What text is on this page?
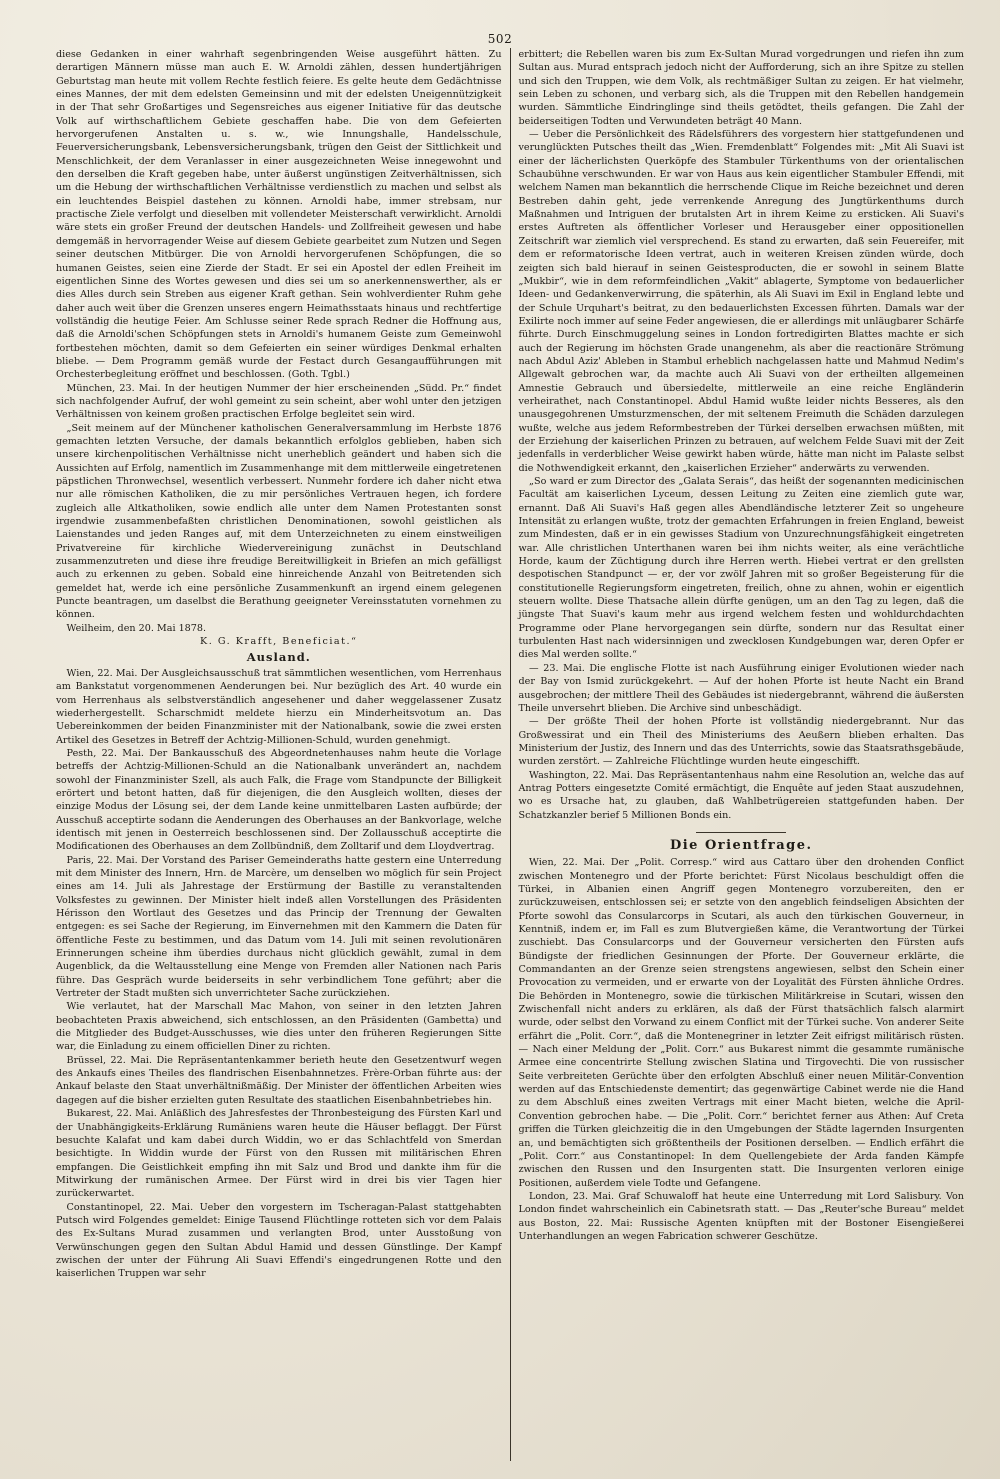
502

diese Gedanken in einer wahrhaft segenbringenden Weise ausgeführt hätten. Zu derartigen Männern müsse man auch E. W. Arnoldi zählen, dessen hundertjährigen Geburtstag man heute mit vollem Rechte festlich feiere. Es gelte heute dem Gedächtnisse eines Mannes, der mit dem edelsten Gemeinsinn und mit der edelsten Uneigennützigkeit in der That sehr Großartiges und Segensreiches aus eigener Initiative für das deutsche Volk auf wirthschaftlichem Gebiete geschaffen habe. Die von dem Gefeierten hervorgerufenen Anstalten u. s. w., wie Innungshalle, Handelsschule, Feuerversicherungsbank, Lebensversicherungsbank, trügen den Geist der Sittlichkeit und Menschlichkeit, der dem Veranlasser in einer ausgezeichneten Weise innegewohnt und den derselben die Kraft gegeben habe, unter äußerst ungünstigen Zeitverhältnissen, sich um die Hebung der wirthschaftlichen Verhältnisse verdienstlich zu machen und selbst als ein leuchtendes Beispiel dastehen zu können. Arnoldi habe, immer strebsam, nur practische Ziele verfolgt und dieselben mit vollendeter Meisterschaft verwirklicht. Arnoldi wäre stets ein großer Freund der deutschen Handels- und Zollfreiheit gewesen und habe demgemäß in hervorragender Weise auf diesem Gebiete gearbeitet zum Nutzen und Segen seiner deutschen Mitbürger. Die von Arnoldi hervorgerufenen Schöpfungen, die so humanen Geistes, seien eine Zierde der Stadt. Er sei ein Apostel der edlen Freiheit im eigentlichen Sinne des Wortes gewesen und dies sei um so anerkennenswerther, als er dies Alles durch sein Streben aus eigener Kraft gethan. Sein wohlverdienter Ruhm gehe daher auch weit über die Grenzen unseres engern Heimathsstaats hinaus und rechtfertige vollständig die heutige Feier. Am Schlusse seiner Rede sprach Redner die Hoffnung aus, daß die Arnoldi'schen Schöpfungen stets in Arnoldi's humanem Geiste zum Gemeinwohl fortbestehen möchten, damit so dem Gefeierten ein seiner würdiges Denkmal erhalten bliebe. — Dem Programm gemäß wurde der Festact durch Gesangaufführungen mit Orchesterbegleitung eröffnet und beschlossen. (Goth. Tgbl.)

München, 23. Mai. In der heutigen Nummer der hier erscheinenden „Südd. Pr.“ findet sich nachfolgender Aufruf, der wohl gemeint zu sein scheint, aber wohl unter den jetzigen Verhältnissen von keinem großen practischen Erfolge begleitet sein wird.

„Seit meinem auf der Münchener katholischen Generalversammlung im Herbste 1876 gemachten letzten Versuche, der damals bekanntlich erfolglos geblieben, haben sich unsere kirchenpolitischen Verhältnisse nicht unerheblich geändert und haben sich die Aussichten auf Erfolg, namentlich im Zusammenhange mit dem mittlerweile eingetretenen päpstlichen Thronwechsel, wesentlich verbessert. Nunmehr fordere ich daher nicht etwa nur alle römischen Katholiken, die zu mir persönliches Vertrauen hegen, ich fordere zugleich alle Altkatholiken, sowie endlich alle unter dem Namen Protestanten sonst irgendwie zusammenbefaßten christlichen Denominationen, sowohl geistlichen als Laienstandes und jeden Ranges auf, mit dem Unterzeichneten zu einem einstweiligen Privatvereine für kirchliche Wiedervereinigung zunächst in Deutschland zusammenzutreten und diese ihre freudige Bereitwilligkeit in Briefen an mich gefälligst auch zu erkennen zu geben. Sobald eine hinreichende Anzahl von Beitretenden sich gemeldet hat, werde ich eine persönliche Zusammenkunft an irgend einem gelegenen Puncte beantragen, um daselbst die Berathung geeigneter Vereinsstatuten vornehmen zu können.

Weilheim, den 20. Mai 1878.

K. G. Krafft, Beneficiat.“
Ausland.

Wien, 22. Mai. Der Ausgleichsausschuß trat sämmtlichen wesentlichen, vom Herrenhaus am Bankstatut vorgenommenen Aenderungen bei. Nur bezüglich des Art. 40 wurde ein vom Herrenhaus als selbstverständlich angesehener und daher weggelassener Zusatz wiederhergestellt. Scharschmidt meldete hierzu ein Minderheitsvotum an. Das Uebereinkommen der beiden Finanzminister mit der Nationalbank, sowie die zwei ersten Artikel des Gesetzes in Betreff der Achtzig-Millionen-Schuld, wurden genehmigt.

Pesth, 22. Mai. Der Bankausschuß des Abgeordnetenhauses nahm heute die Vorlage betreffs der Achtzig-Millionen-Schuld an die Nationalbank unverändert an, nachdem sowohl der Finanzminister Szell, als auch Falk, die Frage vom Standpuncte der Billigkeit erörtert und betont hatten, daß für diejenigen, die den Ausgleich wollten, dieses der einzige Modus der Lösung sei, der dem Lande keine unmittelbaren Lasten aufbürde; der Ausschuß acceptirte sodann die Aenderungen des Oberhauses an der Bankvorlage, welche identisch mit jenen in Oesterreich beschlossenen sind. Der Zollausschuß acceptirte die Modificationen des Oberhauses an dem Zollbündniß, dem Zolltarif und dem Lloydvertrag.

Paris, 22. Mai. Der Vorstand des Pariser Gemeinderaths hatte gestern eine Unterredung mit dem Minister des Innern, Hrn. de Marcère, um denselben wo möglich für sein Project eines am 14. Juli als Jahrestage der Erstürmung der Bastille zu veranstaltenden Volksfestes zu gewinnen. Der Minister hielt indeß allen Vorstellungen des Präsidenten Hérisson den Wortlaut des Gesetzes und das Princip der Trennung der Gewalten entgegen: es sei Sache der Regierung, im Einvernehmen mit den Kammern die Daten für öffentliche Feste zu bestimmen, und das Datum vom 14. Juli mit seinen revolutionären Erinnerungen scheine ihm überdies durchaus nicht glücklich gewählt, zumal in dem Augenblick, da die Weltausstellung eine Menge von Fremden aller Nationen nach Paris führe. Das Gespräch wurde beiderseits in sehr verbindlichem Tone geführt; aber die Vertreter der Stadt mußten sich unverrichteter Sache zurückziehen.

Wie verlautet, hat der Marschall Mac Mahon, von seiner in den letzten Jahren beobachteten Praxis abweichend, sich entschlossen, an den Präsidenten (Gambetta) und die Mitglieder des Budget-Ausschusses, wie dies unter den früheren Regierungen Sitte war, die Einladung zu einem officiellen Diner zu richten.

Brüssel, 22. Mai. Die Repräsentantenkammer berieth heute den Gesetzentwurf wegen des Ankaufs eines Theiles des flandrischen Eisenbahnnetzes. Frère-Orban führte aus: der Ankauf belaste den Staat unverhältnißmäßig. Der Minister der öffentlichen Arbeiten wies dagegen auf die bisher erzielten guten Resultate des staatlichen Eisenbahnbetriebes hin.

Bukarest, 22. Mai. Anläßlich des Jahresfestes der Thronbesteigung des Fürsten Karl und der Unabhängigkeits-Erklärung Rumäniens waren heute die Häuser beflaggt. Der Fürst besuchte Kalafat und kam dabei durch Widdin, wo er das Schlachtfeld von Smerdan besichtigte. In Widdin wurde der Fürst von den Russen mit militärischen Ehren empfangen. Die Geistlichkeit empfing ihn mit Salz und Brod und dankte ihm für die Mitwirkung der rumänischen Armee. Der Fürst wird in drei bis vier Tagen hier zurückerwartet.

Constantinopel, 22. Mai. Ueber den vorgestern im Tscheragan-Palast stattgehabten Putsch wird Folgendes gemeldet: Einige Tausend Flüchtlinge rotteten sich vor dem Palais des Ex-Sultans Murad zusammen und verlangten Brod, unter Ausstoßung von Verwünschungen gegen den Sultan Abdul Hamid und dessen Günstlinge. Der Kampf zwischen der unter der Führung Ali Suavi Effendi's eingedrungenen Rotte und den kaiserlichen Truppen war sehr

erbittert; die Rebellen waren bis zum Ex-Sultan Murad vorgedrungen und riefen ihn zum Sultan aus. Murad entsprach jedoch nicht der Aufforderung, sich an ihre Spitze zu stellen und sich den Truppen, wie dem Volk, als rechtmäßiger Sultan zu zeigen. Er hat vielmehr, sein Leben zu schonen, und verbarg sich, als die Truppen mit den Rebellen handgemein wurden. Sämmtliche Eindringlinge sind theils getödtet, theils gefangen. Die Zahl der beiderseitigen Todten und Verwundeten beträgt 40 Mann.

— Ueber die Persönlichkeit des Rädelsführers des vorgestern hier stattgefundenen und verunglückten Putsches theilt das „Wien. Fremdenblatt“ Folgendes mit: „Mit Ali Suavi ist einer der lächerlichsten Querköpfe des Stambuler Türkenthums von der orientalischen Schaubühne verschwunden. Er war von Haus aus kein eigentlicher Stambuler Effendi, mit welchem Namen man bekanntlich die herrschende Clique im Reiche bezeichnet und deren Bestreben dahin geht, jede verrenkende Anregung des Jungtürkenthums durch Maßnahmen und Intriguen der brutalsten Art in ihrem Keime zu ersticken. Ali Suavi's erstes Auftreten als öffentlicher Vorleser und Herausgeber einer oppositionellen Zeitschrift war ziemlich viel versprechend. Es stand zu erwarten, daß sein Feuereifer, mit dem er reformatorische Ideen vertrat, auch in weiteren Kreisen zünden würde, doch zeigten sich bald hierauf in seinen Geistesproducten, die er sowohl in seinem Blatte „Mukbir“, wie in dem reformfeindlichen „Vakit“ ablagerte, Symptome von bedauerlicher Ideen- und Gedankenverwirrung, die späterhin, als Ali Suavi im Exil in England lebte und der Schule Urquhart's beitrat, zu den bedauerlichsten Excessen führten. Damals war der Exilirte noch immer auf seine Feder angewiesen, die er allerdings mit unläugbarer Schärfe führte. Durch Einschmuggelung seines in London fortredigirten Blattes machte er sich auch der Regierung im höchsten Grade unangenehm, als aber die reactionäre Strömung nach Abdul Aziz' Ableben in Stambul erheblich nachgelassen hatte und Mahmud Nedim's Allgewalt gebrochen war, da machte auch Ali Suavi von der ertheilten allgemeinen Amnestie Gebrauch und übersiedelte, mittlerweile an eine reiche Engländerin verheirathet, nach Constantinopel. Abdul Hamid wußte leider nichts Besseres, als den unausgegohrenen Umsturzmenschen, der mit seltenem Freimuth die Schäden darzulegen wußte, welche aus jedem Reformbestreben der Türkei derselben erwachsen müßten, mit der Erziehung der kaiserlichen Prinzen zu betrauen, auf welchem Felde Suavi mit der Zeit jedenfalls in verderblicher Weise gewirkt haben würde, hätte man nicht im Palaste selbst die Nothwendigkeit erkannt, den „kaiserlichen Erzieher“ anderwärts zu verwenden.

„So ward er zum Director des „Galata Serais“, das heißt der sogenannten medicinischen Facultät am kaiserlichen Lyceum, dessen Leitung zu Zeiten eine ziemlich gute war, ernannt. Daß Ali Suavi's Haß gegen alles Abendländische letzterer Zeit so ungeheure Intensität zu erlangen wußte, trotz der gemachten Erfahrungen in freien England, beweist zum Mindesten, daß er in ein gewisses Stadium von Unzurechnungsfähigkeit eingetreten war. Alle christlichen Unterthanen waren bei ihm nichts weiter, als eine verächtliche Horde, kaum der Züchtigung durch ihre Herren werth. Hiebei vertrat er den grellsten despotischen Standpunct — er, der vor zwölf Jahren mit so großer Begeisterung für die constitutionelle Regierungsform eingetreten, freilich, ohne zu ahnen, wohin er eigentlich steuern wollte. Diese Thatsache allein dürfte genügen, um an den Tag zu legen, daß die jüngste That Suavi's kaum mehr aus irgend welchem festen und wohldurchdachten Programme oder Plane hervorgegangen sein dürfte, sondern nur das Resultat einer turbulenten Hast nach widersinnigen und zwecklosen Kundgebungen war, deren Opfer er dies Mal werden sollte.“

— 23. Mai. Die englische Flotte ist nach Ausführung einiger Evolutionen wieder nach der Bay von Ismid zurückgekehrt. — Auf der hohen Pforte ist heute Nacht ein Brand ausgebrochen; der mittlere Theil des Gebäudes ist niedergebrannt, während die äußersten Theile unversehrt blieben. Die Archive sind unbeschädigt.

— Der größte Theil der hohen Pforte ist vollständig niedergebrannt. Nur das Großwessirat und ein Theil des Ministeriums des Aeußern blieben erhalten. Das Ministerium der Justiz, des Innern und das des Unterrichts, sowie das Staatsrathsgebäude, wurden zerstört. — Zahlreiche Flüchtlinge wurden heute eingeschifft.

Washington, 22. Mai. Das Repräsentantenhaus nahm eine Resolution an, welche das auf Antrag Potters eingesetzte Comité ermächtigt, die Enquête auf jeden Staat auszudehnen, wo es Ursache hat, zu glauben, daß Wahlbetrügereien stattgefunden haben. Der Schatzkanzler berief 5 Millionen Bonds ein.

Die Orientfrage.

Wien, 22. Mai. Der „Polit. Corresp.“ wird aus Cattaro über den drohenden Conflict zwischen Montenegro und der Pforte berichtet: Fürst Nicolaus beschuldigt offen die Türkei, in Albanien einen Angriff gegen Montenegro vorzubereiten, den er zurückzuweisen, entschlossen sei; er setzte von den angeblich feindseligen Absichten der Pforte sowohl das Consularcorps in Scutari, als auch den türkischen Gouverneur, in Kenntniß, indem er, im Fall es zum Blutvergießen käme, die Verantwortung der Türkei zuschiebt. Das Consularcorps und der Gouverneur versicherten den Fürsten aufs Bündigste der friedlichen Gesinnungen der Pforte. Der Gouverneur erklärte, die Commandanten an der Grenze seien strengstens angewiesen, selbst den Schein einer Provocation zu vermeiden, und er erwarte von der Loyalität des Fürsten ähnliche Ordres. Die Behörden in Montenegro, sowie die türkischen Militärkreise in Scutari, wissen den Zwischenfall nicht anders zu erklären, als daß der Fürst thatsächlich falsch alarmirt wurde, oder selbst den Vorwand zu einem Conflict mit der Türkei suche. Von anderer Seite erfährt die „Polit. Corr.“, daß die Montenegriner in letzter Zeit eifrigst militärisch rüsten. — Nach einer Meldung der „Polit. Corr.“ aus Bukarest nimmt die gesammte rumänische Armee eine concentrirte Stellung zwischen Slatina und Tirgovechti. Die von russischer Seite verbreiteten Gerüchte über den erfolgten Abschluß einer neuen Militär-Convention werden auf das Entschiedenste dementirt; das gegenwärtige Cabinet werde nie die Hand zu dem Abschluß eines zweiten Vertrags mit einer Macht bieten, welche die April-Convention gebrochen habe. — Die „Polit. Corr.“ berichtet ferner aus Athen: Auf Creta griffen die Türken gleichzeitig die in den Umgebungen der Städte lagernden Insurgenten an, und bemächtigten sich größtentheils der Positionen derselben. — Endlich erfährt die „Polit. Corr.“ aus Constantinopel: In dem Quellengebiete der Arda fanden Kämpfe zwischen den Russen und den Insurgenten statt. Die Insurgenten verloren einige Positionen, außerdem viele Todte und Gefangene.

London, 23. Mai. Graf Schuwaloff hat heute eine Unterredung mit Lord Salisbury. Von London findet wahrscheinlich ein Cabinetsrath statt. — Das „Reuter'sche Bureau“ meldet aus Boston, 22. Mai: Russische Agenten knüpften mit der Bostoner Eisengießerei Unterhandlungen an wegen Fabrication schwerer Geschütze.
